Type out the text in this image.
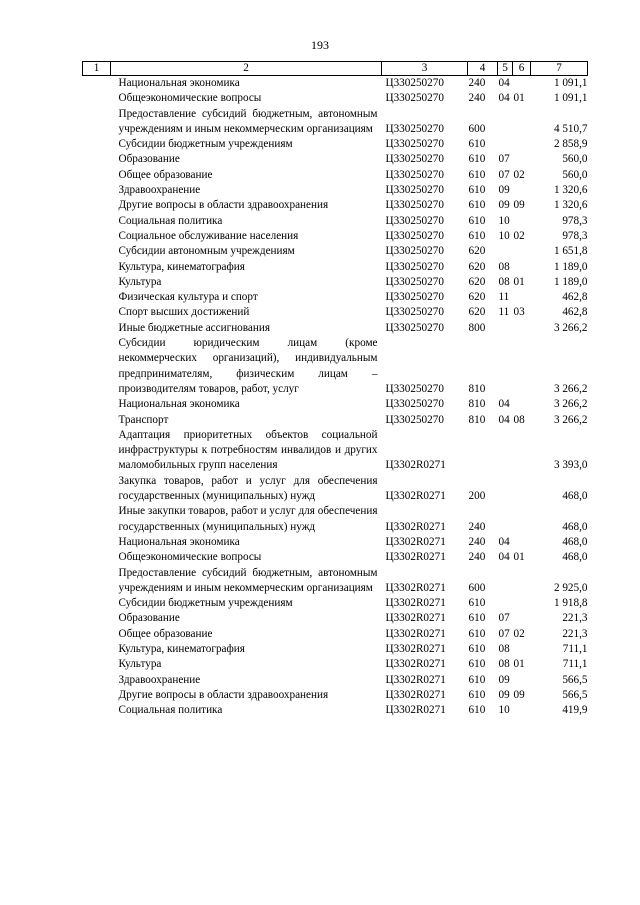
193
1	2	3	4	5	6	7
	Национальная экономика	Ц330250270	240	04		1 091,1
	Общеэкономические вопросы	Ц330250270	240	04	01	1 091,1
	Предоставление субсидий бюджетным, автономным учреждениям и иным некоммерческим организациям	Ц330250270	600			4 510,7
	Субсидии бюджетным учреждениям	Ц330250270	610			2 858,9
	Образование	Ц330250270	610	07		560,0
	Общее образование	Ц330250270	610	07	02	560,0
	Здравоохранение	Ц330250270	610	09		1 320,6
	Другие вопросы в области здравоохранения	Ц330250270	610	09	09	1 320,6
	Социальная политика	Ц330250270	610	10		978,3
	Социальное обслуживание населения	Ц330250270	610	10	02	978,3
	Субсидии автономным учреждениям	Ц330250270	620			1 651,8
	Культура, кинематография	Ц330250270	620	08		1 189,0
	Культура	Ц330250270	620	08	01	1 189,0
	Физическая культура и спорт	Ц330250270	620	11		462,8
	Спорт высших достижений	Ц330250270	620	11	03	462,8
	Иные бюджетные ассигнования	Ц330250270	800			3 266,2
	Субсидии юридическим лицам (кроме некоммерческих организаций), индивидуальным предпринимателям, физическим лицам – производителям товаров, работ, услуг	Ц330250270	810			3 266,2
	Национальная экономика	Ц330250270	810	04		3 266,2
	Транспорт	Ц330250270	810	04	08	3 266,2
	Адаптация приоритетных объектов социальной инфраструктуры к потребностям инвалидов и других маломобильных групп населения	Ц3302R0271				3 393,0
	Закупка товаров, работ и услуг для обеспечения государственных (муниципальных) нужд	Ц3302R0271	200			468,0
	Иные закупки товаров, работ и услуг для обеспечения государственных (муниципальных) нужд	Ц3302R0271	240			468,0
	Национальная экономика	Ц3302R0271	240	04		468,0
	Общеэкономические вопросы	Ц3302R0271	240	04	01	468,0
	Предоставление субсидий бюджетным, автономным учреждениям и иным некоммерческим организациям	Ц3302R0271	600			2 925,0
	Субсидии бюджетным учреждениям	Ц3302R0271	610			1 918,8
	Образование	Ц3302R0271	610	07		221,3
	Общее образование	Ц3302R0271	610	07	02	221,3
	Культура, кинематография	Ц3302R0271	610	08		711,1
	Культура	Ц3302R0271	610	08	01	711,1
	Здравоохранение	Ц3302R0271	610	09		566,5
	Другие вопросы в области здравоохранения	Ц3302R0271	610	09	09	566,5
	Социальная политика	Ц3302R0271	610	10		419,9
